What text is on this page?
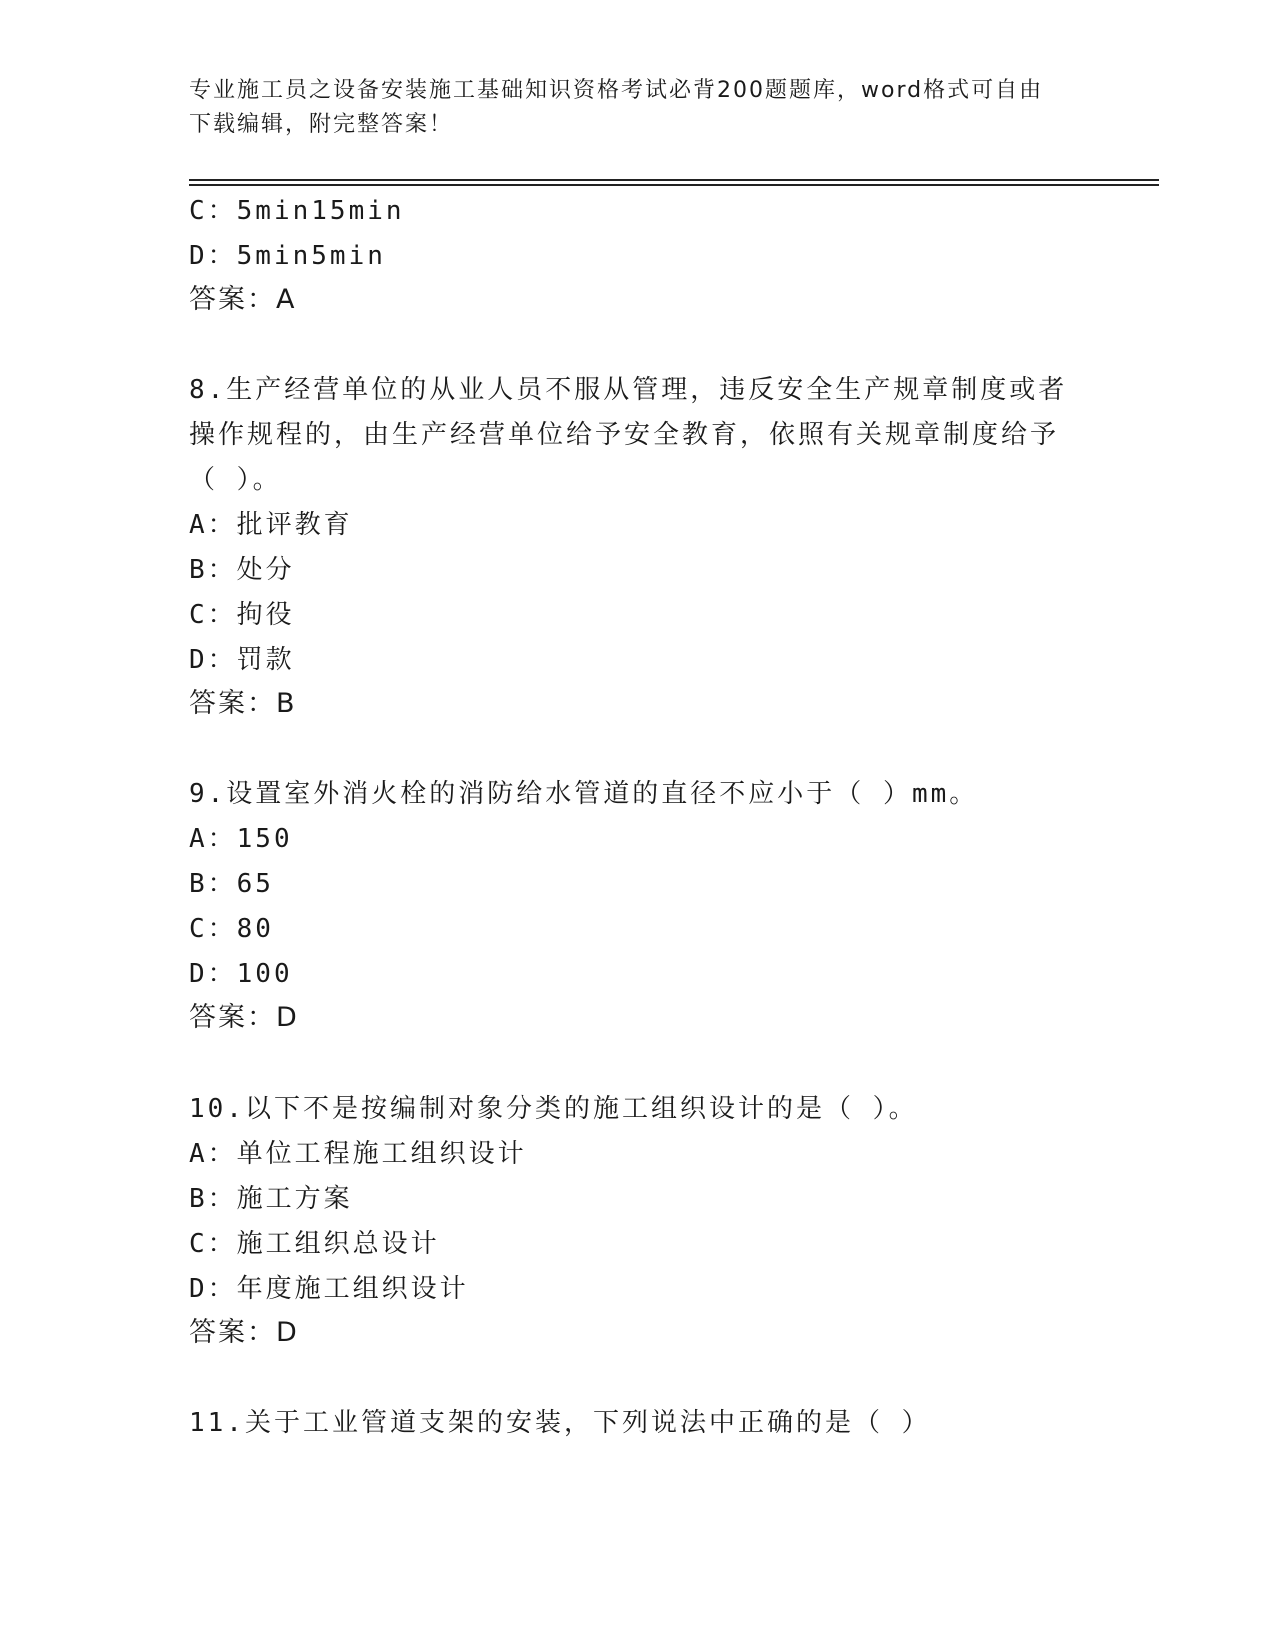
专业施工员之设备安装施工基础知识资格考试必背200题题库，word格式可自由
下载编辑，附完整答案！
C：5min15min
D：5min5min
答案：A
8.生产经营单位的从业人员不服从管理，违反安全生产规章制度或者
操作规程的，由生产经营单位给予安全教育，依照有关规章制度给予
（ ）。
A：批评教育
B：处分
C：拘役
D：罚款
答案：B
9.设置室外消火栓的消防给水管道的直径不应小于（ ）mm。
A：150
B：65
C：80
D：100
答案：D
10.以下不是按编制对象分类的施工组织设计的是（ ）。
A：单位工程施工组织设计
B：施工方案
C：施工组织总设计
D：年度施工组织设计
答案：D
11.关于工业管道支架的安装，下列说法中正确的是（ ）
